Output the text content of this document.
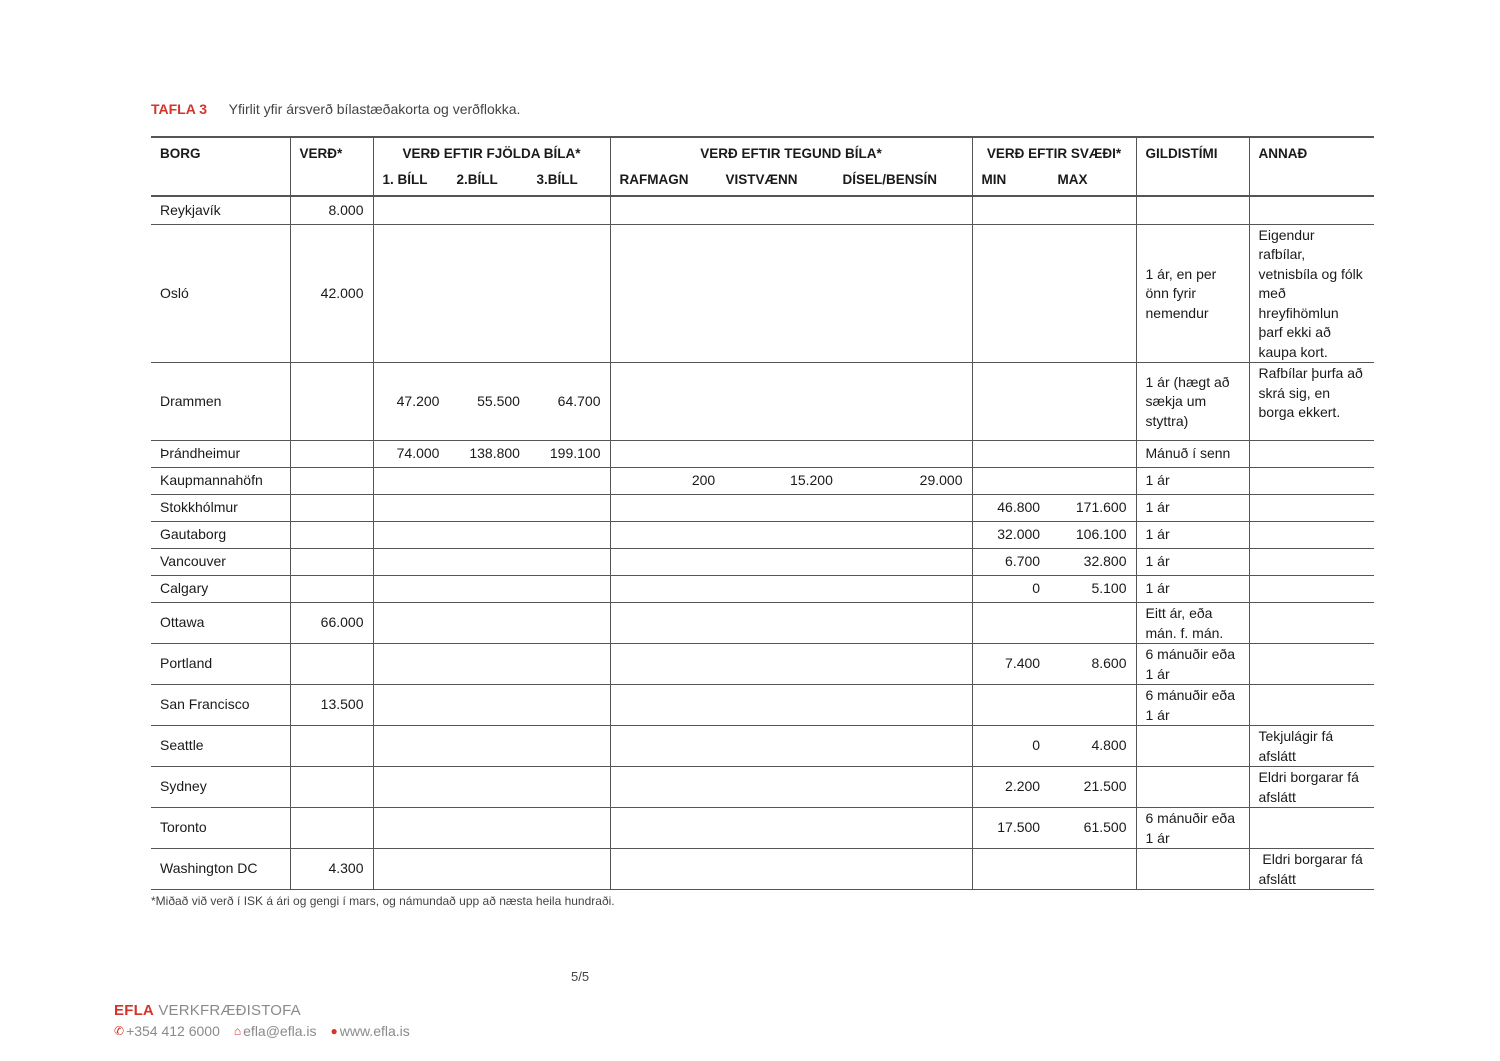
TAFLA 3 Yfirlit yfir ársverð bílastæðakorta og verðflokka.
BORG	VERÐ*	VERÐ EFTIR FJÖLDA BÍLA*	VERÐ EFTIR TEGUND BÍLA*	VERÐ EFTIR SVÆÐI*	GILDISTÍMI	ANNAÐ

		1. BÍLL 2.BÍLL 3.BÍLL	RAFMAGN VISTVÆNN DÍSEL/BENSÍN	MIN MAX		

Reykjavík	8.000	

Osló	42.000				1 ár, en per önn fyrir nemendur	Eigendur rafbílar, vetnisbíla og fólk með hreyfihömlun þarf ekki að kaupa kort.

Drammen		47.200 55.500 64.700			1 ár (hægt að sækja um styttra)	Rafbílar þurfa að skrá sig, en borga ekkert.

Þrándheimur		74.000 138.800 199.100			Mánuð í senn	
Kaupmannahöfn			200 15.200 29.000		1 ár	
Stokkhólmur				46.800 171.600	1 ár	
Gautaborg				32.000 106.100	1 ár	
Vancouver				6.700 32.800	1 ár	
Calgary				0 5.100	1 ár	
Ottawa	66.000				Eitt ár, eða mán. f. mán.	

Portland				7.400 8.600	6 mánuðir eða 1 ár	

San Francisco	13.500				6 mánuðir eða 1 ár	

Seattle				0 4.800		Tekjulágir fá afslátt

Sydney				2.200 21.500		Eldri borgarar fá afslátt

Toronto				17.500 61.500	6 mánuðir eða 1 ár	

Washington DC	4.300					Eldri borgarar fá afslátt
*Miðað við verð í ISK á ári og gengi í mars, og námundað upp að næsta heila hundraði.
5/5
EFLA VERKFRÆÐISTOFA
✆ +354 412 6000 ⌂ efla@efla.is ● www.efla.is
